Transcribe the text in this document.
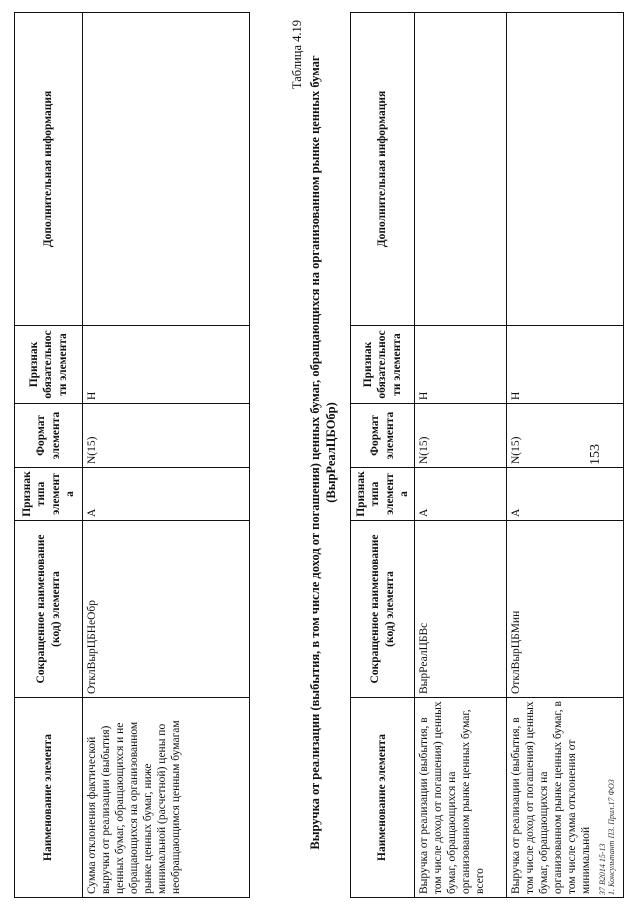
153
Наименование элемента	Сокращенное наименование (код) элемента	Признак типа элемента	Формат элемента	Признак обязательности элемента	Дополнительная информация
Сумма отклонения фактической выручки от реализации (выбытия) ценных бумаг, обращающихся и не обращающихся на организованном рынке ценных бумаг, ниже минимальной (расчетной) цены по необращающимся ценным бумагам	ОтклВырЦБНеОбр	А	N(15)	Н	
Таблица 4.19
Выручка от реализации (выбытия, в том числе доход от погашения) ценных бумаг, обращающихся на организованном рынке ценных бумаг (ВырРеалЦБОбр)
Наименование элемента	Сокращенное наименование (код) элемента	Признак типа элемента	Формат элемента	Признак обязательности элемента	Дополнительная информация
Выручка от реализации (выбытия, в том числе доход от погашения) ценных бумаг, обращающихся на организованном рынке ценных бумаг, всего	ВырРеалЦБВс	А	N(15)	Н	
Выручка от реализации (выбытия, в том числе доход от погашения) ценных бумаг, обращающихся на организованном рынке ценных бумаг, в том числе сумма отклонения от минимальной	ОтклВырЦБМин	А	N(15)	Н	
37 В2014 15-13 1. Консультант ПЗ. Прил.17 ФОЗ
